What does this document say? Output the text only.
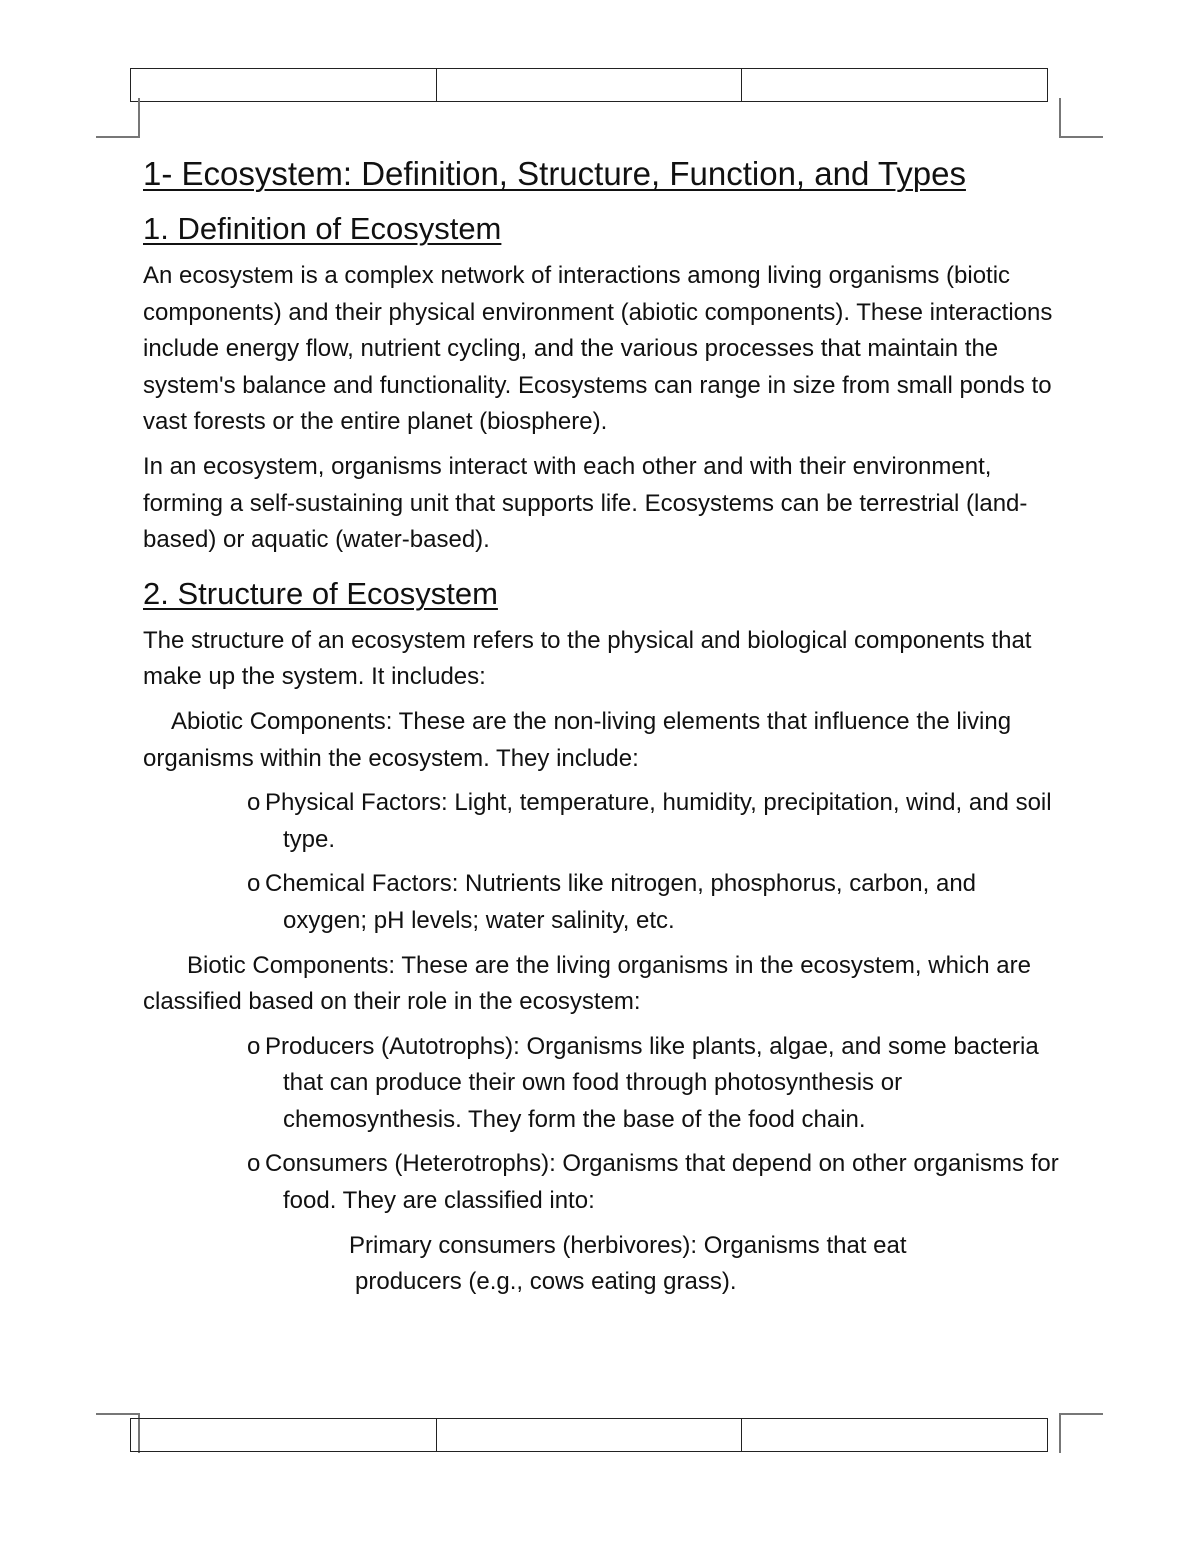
1- Ecosystem: Definition, Structure, Function, and Types
1. Definition of Ecosystem

An ecosystem is a complex network of interactions among living organisms (biotic components) and their physical environment (abiotic components). These interactions include energy flow, nutrient cycling, and the various processes that maintain the system's balance and functionality. Ecosystems can range in size from small ponds to vast forests or the entire planet (biosphere).

In an ecosystem, organisms interact with each other and with their environment, forming a self-sustaining unit that supports life. Ecosystems can be terrestrial (land-based) or aquatic (water-based).

2. Structure of Ecosystem

The structure of an ecosystem refers to the physical and biological components that make up the system. It includes:

Abiotic Components: These are the non-living elements that influence the living organisms within the ecosystem. They include:

o Physical Factors: Light, temperature, humidity, precipitation, wind, and soil type.
o Chemical Factors: Nutrients like nitrogen, phosphorus, carbon, and oxygen; pH levels; water salinity, etc.

Biotic Components: These are the living organisms in the ecosystem, which are classified based on their role in the ecosystem:

o Producers (Autotrophs): Organisms like plants, algae, and some bacteria that can produce their own food through photosynthesis or chemosynthesis. They form the base of the food chain.
o Consumers (Heterotrophs): Organisms that depend on other organisms for food. They are classified into:
Primary consumers (herbivores): Organisms that eat
producers (e.g., cows eating grass).
